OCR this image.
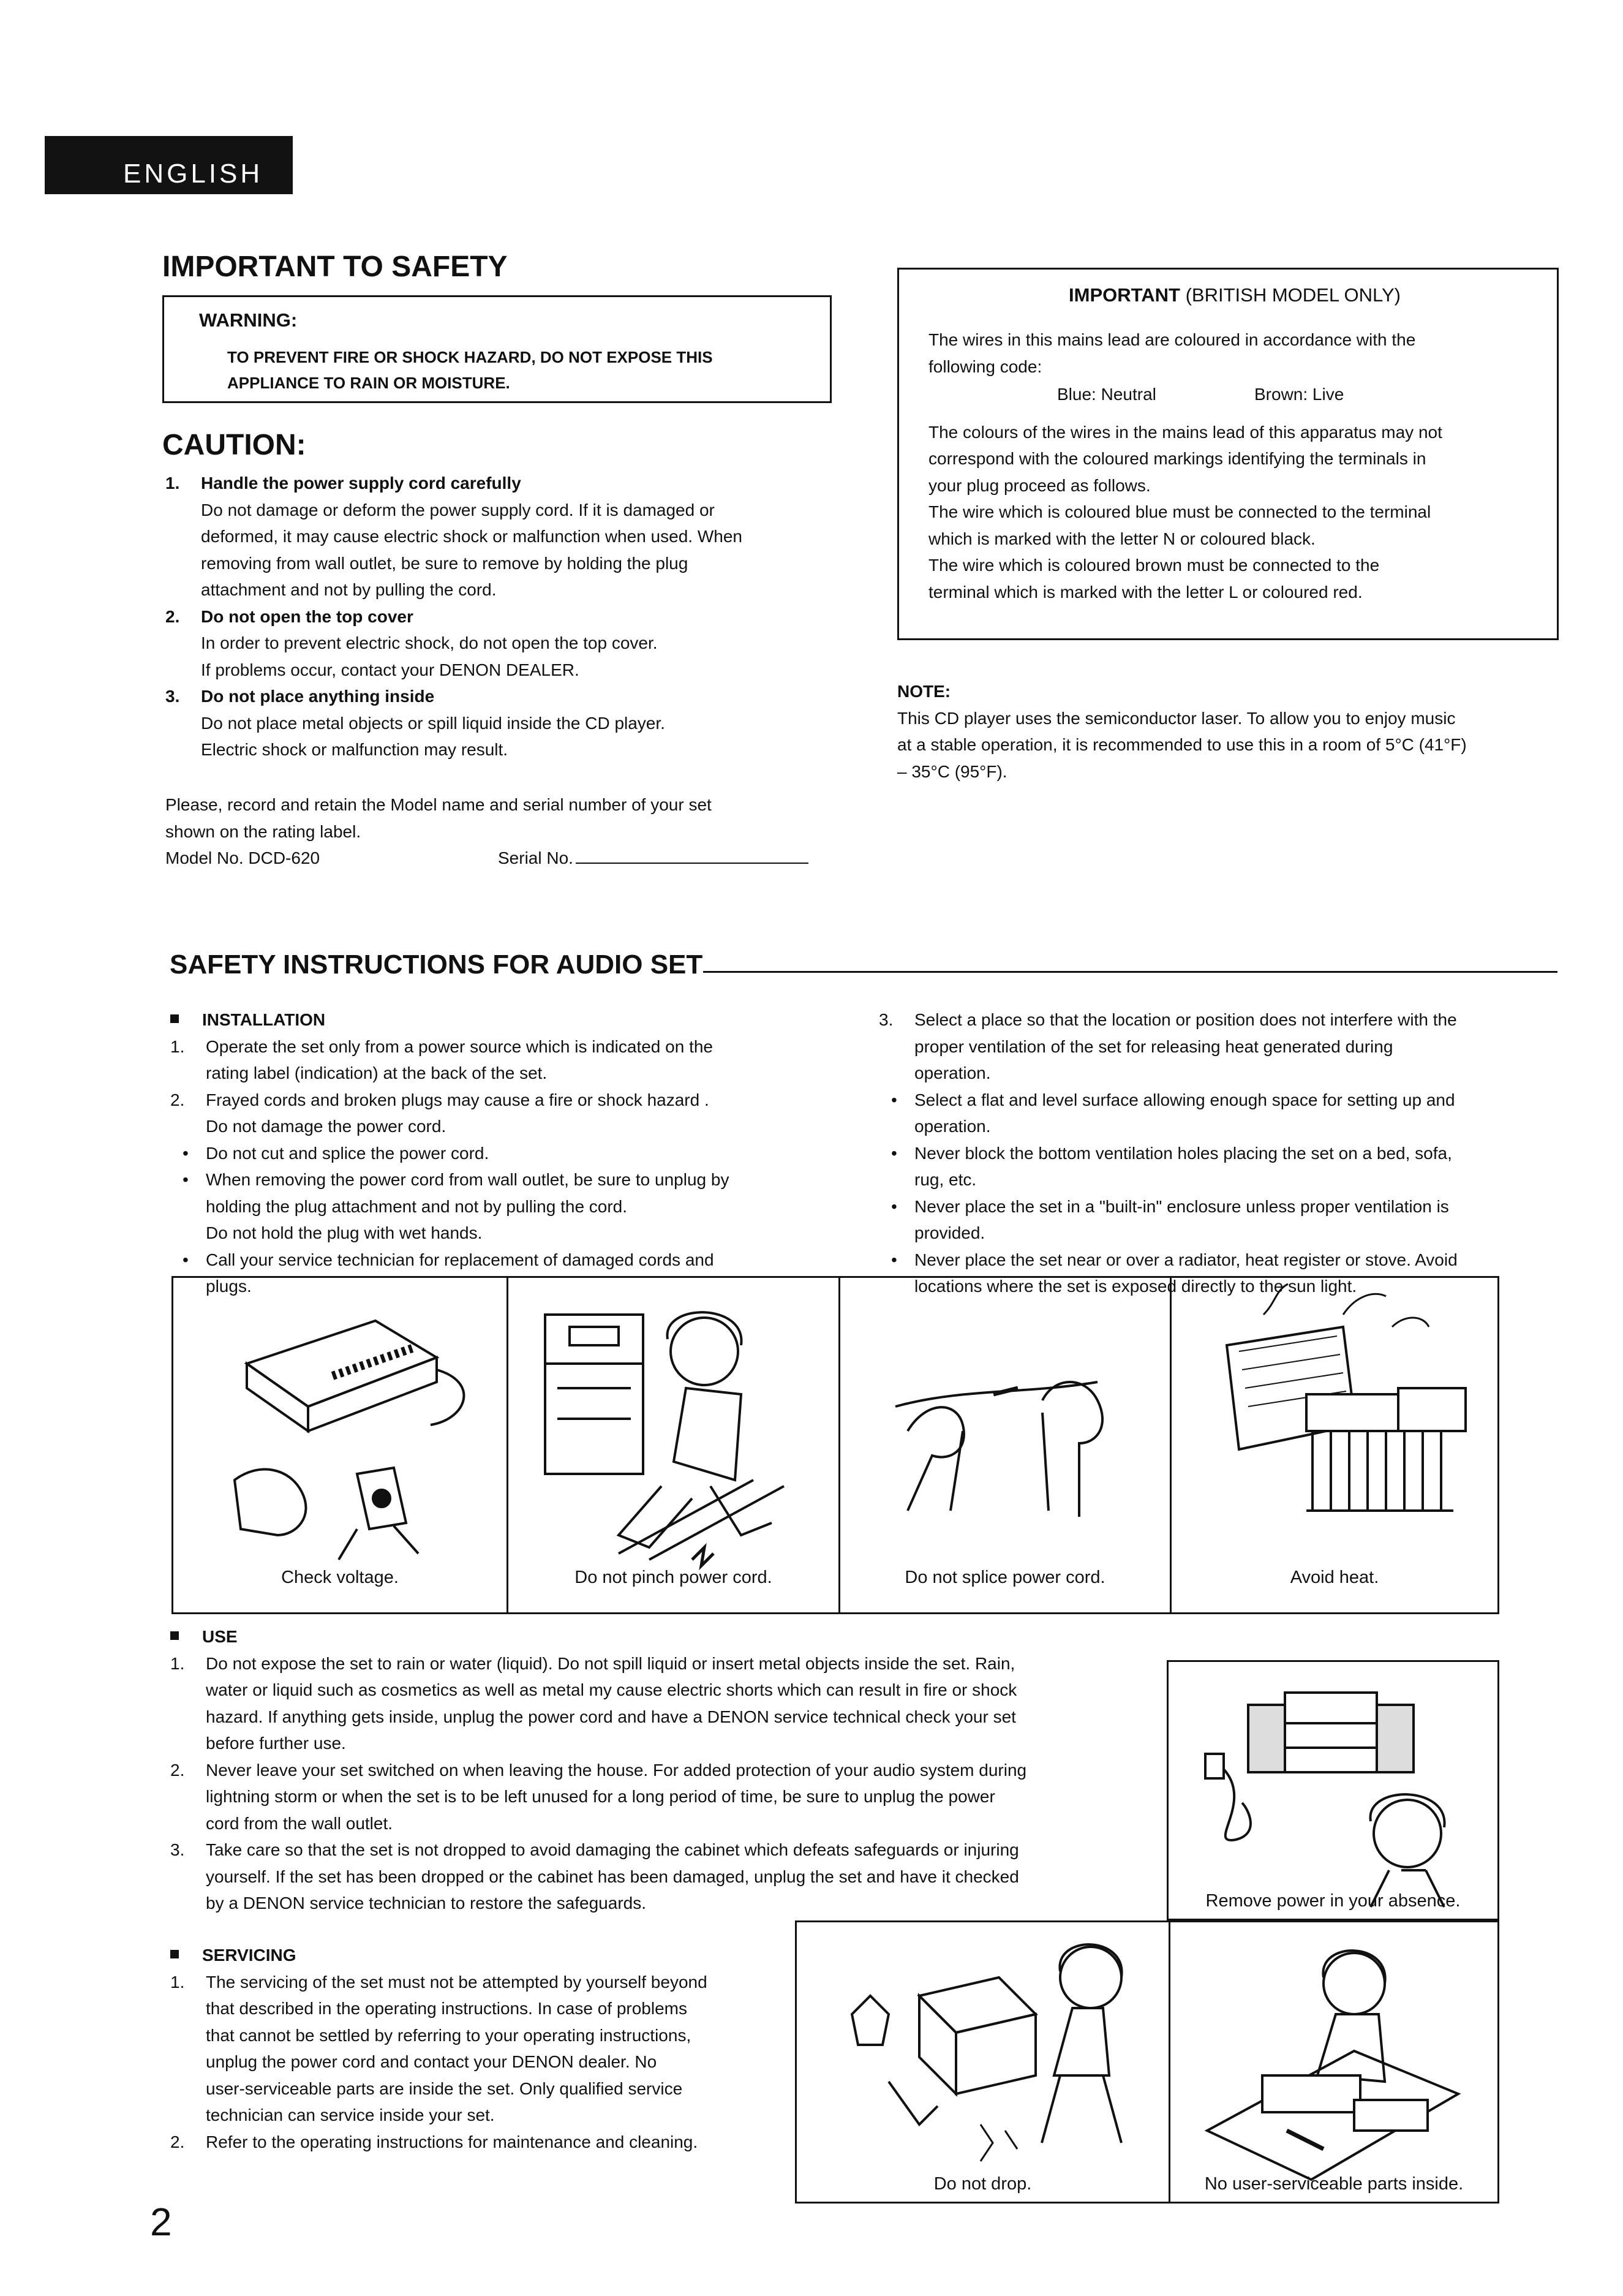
ENGLISH
IMPORTANT TO SAFETY
WARNING:

TO PREVENT FIRE OR SHOCK HAZARD, DO NOT EXPOSE THIS

APPLIANCE TO RAIN OR MOISTURE.

CAUTION:
1. Handle the power supply cord carefully

Do not damage or deform the power supply cord. If it is damaged or

deformed, it may cause electric shock or malfunction when used. When

removing from wall outlet, be sure to remove by holding the plug

attachment and not by pulling the cord.

2. Do not open the top cover

In order to prevent electric shock, do not open the top cover.

If problems occur, contact your DENON DEALER.

3. Do not place anything inside

Do not place metal objects or spill liquid inside the CD player.

Electric shock or malfunction may result.

Please, record and retain the Model name and serial number of your set

shown on the rating label.

Model No. DCD-620	Serial No.

IMPORTANT (BRITISH MODEL ONLY)

The wires in this mains lead are coloured in accordance with the

following code:

Blue: Neutral	Brown: Live

The colours of the wires in the mains lead of this apparatus may not

correspond with the coloured markings identifying the terminals in

your plug proceed as follows.

The wire which is coloured blue must be connected to the terminal

which is marked with the letter N or coloured black.

The wire which is coloured brown must be connected to the

terminal which is marked with the letter L or coloured red.

NOTE:

This CD player uses the semiconductor laser. To allow you to enjoy music

at a stable operation, it is recommended to use this in a room of 5°C (41°F)

– 35°C (95°F).

SAFETY INSTRUCTIONS FOR AUDIO SET

INSTALLATION

1. Operate the set only from a power source which is indicated on the

rating label (indication) at the back of the set.

2. Frayed cords and broken plugs may cause a fire or shock hazard .

Do not damage the power cord.

• Do not cut and splice the power cord.

• When removing the power cord from wall outlet, be sure to unplug by

holding the plug attachment and not by pulling the cord.

Do not hold the plug with wet hands.

• Call your service technician for replacement of damaged cords and

plugs.

3. Select a place so that the location or position does not interfere with the

proper ventilation of the set for releasing heat generated during

operation.

• Select a flat and level surface allowing enough space for setting up and

operation.

• Never block the bottom ventilation holes placing the set on a bed, sofa,

rug, etc.

• Never place the set in a "built-in" enclosure unless proper ventilation is

provided.

• Never place the set near or over a radiator, heat register or stove. Avoid

locations where the set is exposed directly to the sun light.

Check voltage.	Do not pinch power cord.	Do not splice power cord.	Avoid heat.

USE

1. Do not expose the set to rain or water (liquid). Do not spill liquid or insert metal objects inside the set. Rain,

water or liquid such as cosmetics as well as metal my cause electric shorts which can result in fire or shock

hazard. If anything gets inside, unplug the power cord and have a DENON service technical check your set

before further use.

2. Never leave your set switched on when leaving the house. For added protection of your audio system during

lightning storm or when the set is to be left unused for a long period of time, be sure to unplug the power

cord from the wall outlet.

3. Take care so that the set is not dropped to avoid damaging the cabinet which defeats safeguards or injuring

yourself. If the set has been dropped or the cabinet has been damaged, unplug the set and have it checked

by a DENON service technician to restore the safeguards.	Remove power in your absence.

SERVICING

1. The servicing of the set must not be attempted by yourself beyond

that described in the operating instructions. In case of problems

that cannot be settled by referring to your operating instructions,

unplug the power cord and contact your DENON dealer. No

user-serviceable parts are inside the set. Only qualified service

technician can service inside your set.

2. Refer to the operating instructions for maintenance and cleaning.

Do not drop.	No user-serviceable parts inside.
2
